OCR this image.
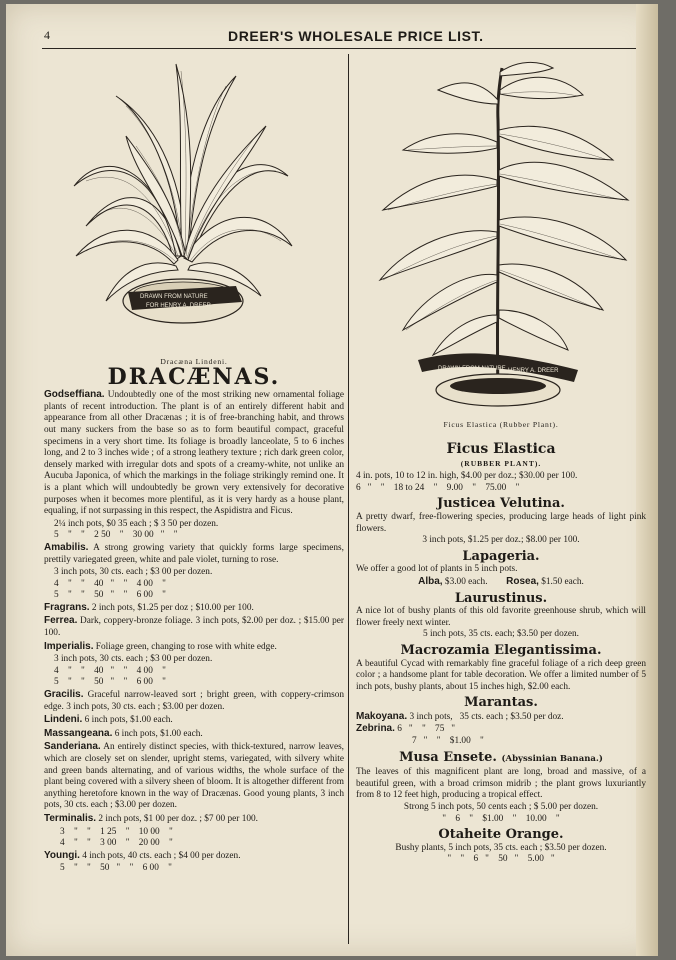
4	DREER'S WHOLESALE PRICE LIST.
DRAWN FROM NATURE
FOR HENRY A. DREER
DRAWN FROM NATURE HENRY A. DREER
Dracæna Lindeni.
DRACÆNAS.
Godseffiana. Undoubtedly one of the most striking new ornamental foliage plants of recent introduction. The plant is of an entirely different habit and appearance from all other Dracænas ; it is of free-branching habit, and throws out many suckers from the base so as to form beautiful compact, graceful specimens in a very short time. Its foliage is broadly lanceolate, 5 to 6 inches long, and 2 to 3 inches wide ; of a strong leathery texture ; rich dark green color, densely marked with irregular dots and spots of a creamy-white, not unlike an Aucuba Japonica, of which the markings in the foliage strikingly remind one. It is a plant which will undoubtedly be grown very extensively for decorative purposes when it becomes more plentiful, as it is very hardy as a house plant, equaling, if not surpassing in this respect, the Aspidistra and Ficus.
2¼ inch pots, $0 35 each ; $ 3 50 per dozen.
5    "    "    2 50    "    30 00   "    "
Amabilis. A strong growing variety that quickly forms large specimens, prettily variegated green, white and pale violet, turning to rose.
3 inch pots, 30 cts. each ; $3 00 per dozen.
4    "    "    40   "    "    4 00    "
5    "    "    50   "    "    6 00    "
Fragrans. 2 inch pots, $1.25 per doz ; $10.00 per 100.
Ferrea. Dark, coppery-bronze foliage. 3 inch pots, $2.00 per doz. ; $15.00 per 100.
Imperialis. Foliage green, changing to rose with white edge.
3 inch pots, 30 cts. each ; $3 00 per dozen.
4    "    "    40   "    "    4 00    "
5    "    "    50   "    "    6 00    "
Gracilis. Graceful narrow-leaved sort ; bright green, with coppery-crimson edge. 3 inch pots, 30 cts. each ; $3.00 per dozen.
Lindeni. 6 inch pots, $1.00 each.
Massangeana. 6 inch pots, $1.00 each.
Sanderiana. An entirely distinct species, with thick-textured, narrow leaves, which are closely set on slender, upright stems, variegated, with silvery white and green bands alternating, and of various widths, the whole surface of the plant being covered with a silvery sheen of bloom. It is altogether different from anything heretofore known in the way of Dracænas. Good young plants, 3 inch pots, 30 cts. each ; $3.00 per dozen.
Terminalis. 2 inch pots, $1 00 per doz. ; $7 00 per 100.
3    "    "    1 25    "    10 00    "
4    "    "    3 00    "    20 00    "
Youngi. 4 inch pots, 40 cts. each ; $4 00 per dozen.
5    "    "    50   "    "    6 00    "
Ficus Elastica (Rubber Plant).
Ficus Elastica
(RUBBER PLANT).
4 in. pots, 10 to 12 in. high, $4.00 per doz.; $30.00 per 100.
6   "    "    18 to 24    "    9.00    "    75.00    "
Justicea Velutina.
A pretty dwarf, free-flowering species, producing large heads of light pink flowers.
3 inch pots, $1.25 per doz.; $8.00 per 100.
Lapageria.
We offer a good lot of plants in 5 inch pots.
Alba, $3.00 each. Rosea, $1.50 each.
Laurustinus.
A nice lot of bushy plants of this old favorite greenhouse shrub, which will flower freely next winter.
5 inch pots, 35 cts. each; $3.50 per dozen.
Macrozamia Elegantissima.
A beautiful Cycad with remarkably fine graceful foliage of a rich deep green color ; a handsome plant for table decoration. We offer a limited number of 5 inch pots, bushy plants, about 15 inches high, $2.00 each.
Marantas.
Makoyana. 3 inch pots,   35 cts. each ; $3.50 per doz.
Zebrina. 6   "    "    75   "
7   "    "    $1.00    "
Musa Ensete. (Abyssinian Banana.)
The leaves of this magnificent plant are long, broad and massive, of a beautiful green, with a broad crimson midrib ; the plant grows luxuriantly from 8 to 12 feet high, producing a tropical effect.
Strong 5 inch pots, 50 cents each ; $ 5.00 per dozen.
"    6    "    $1.00    "    10.00    "
Otaheite Orange.
Bushy plants, 5 inch pots, 35 cts. each ; $3.50 per dozen.
"    "    6   "    50   "    5.00   "
